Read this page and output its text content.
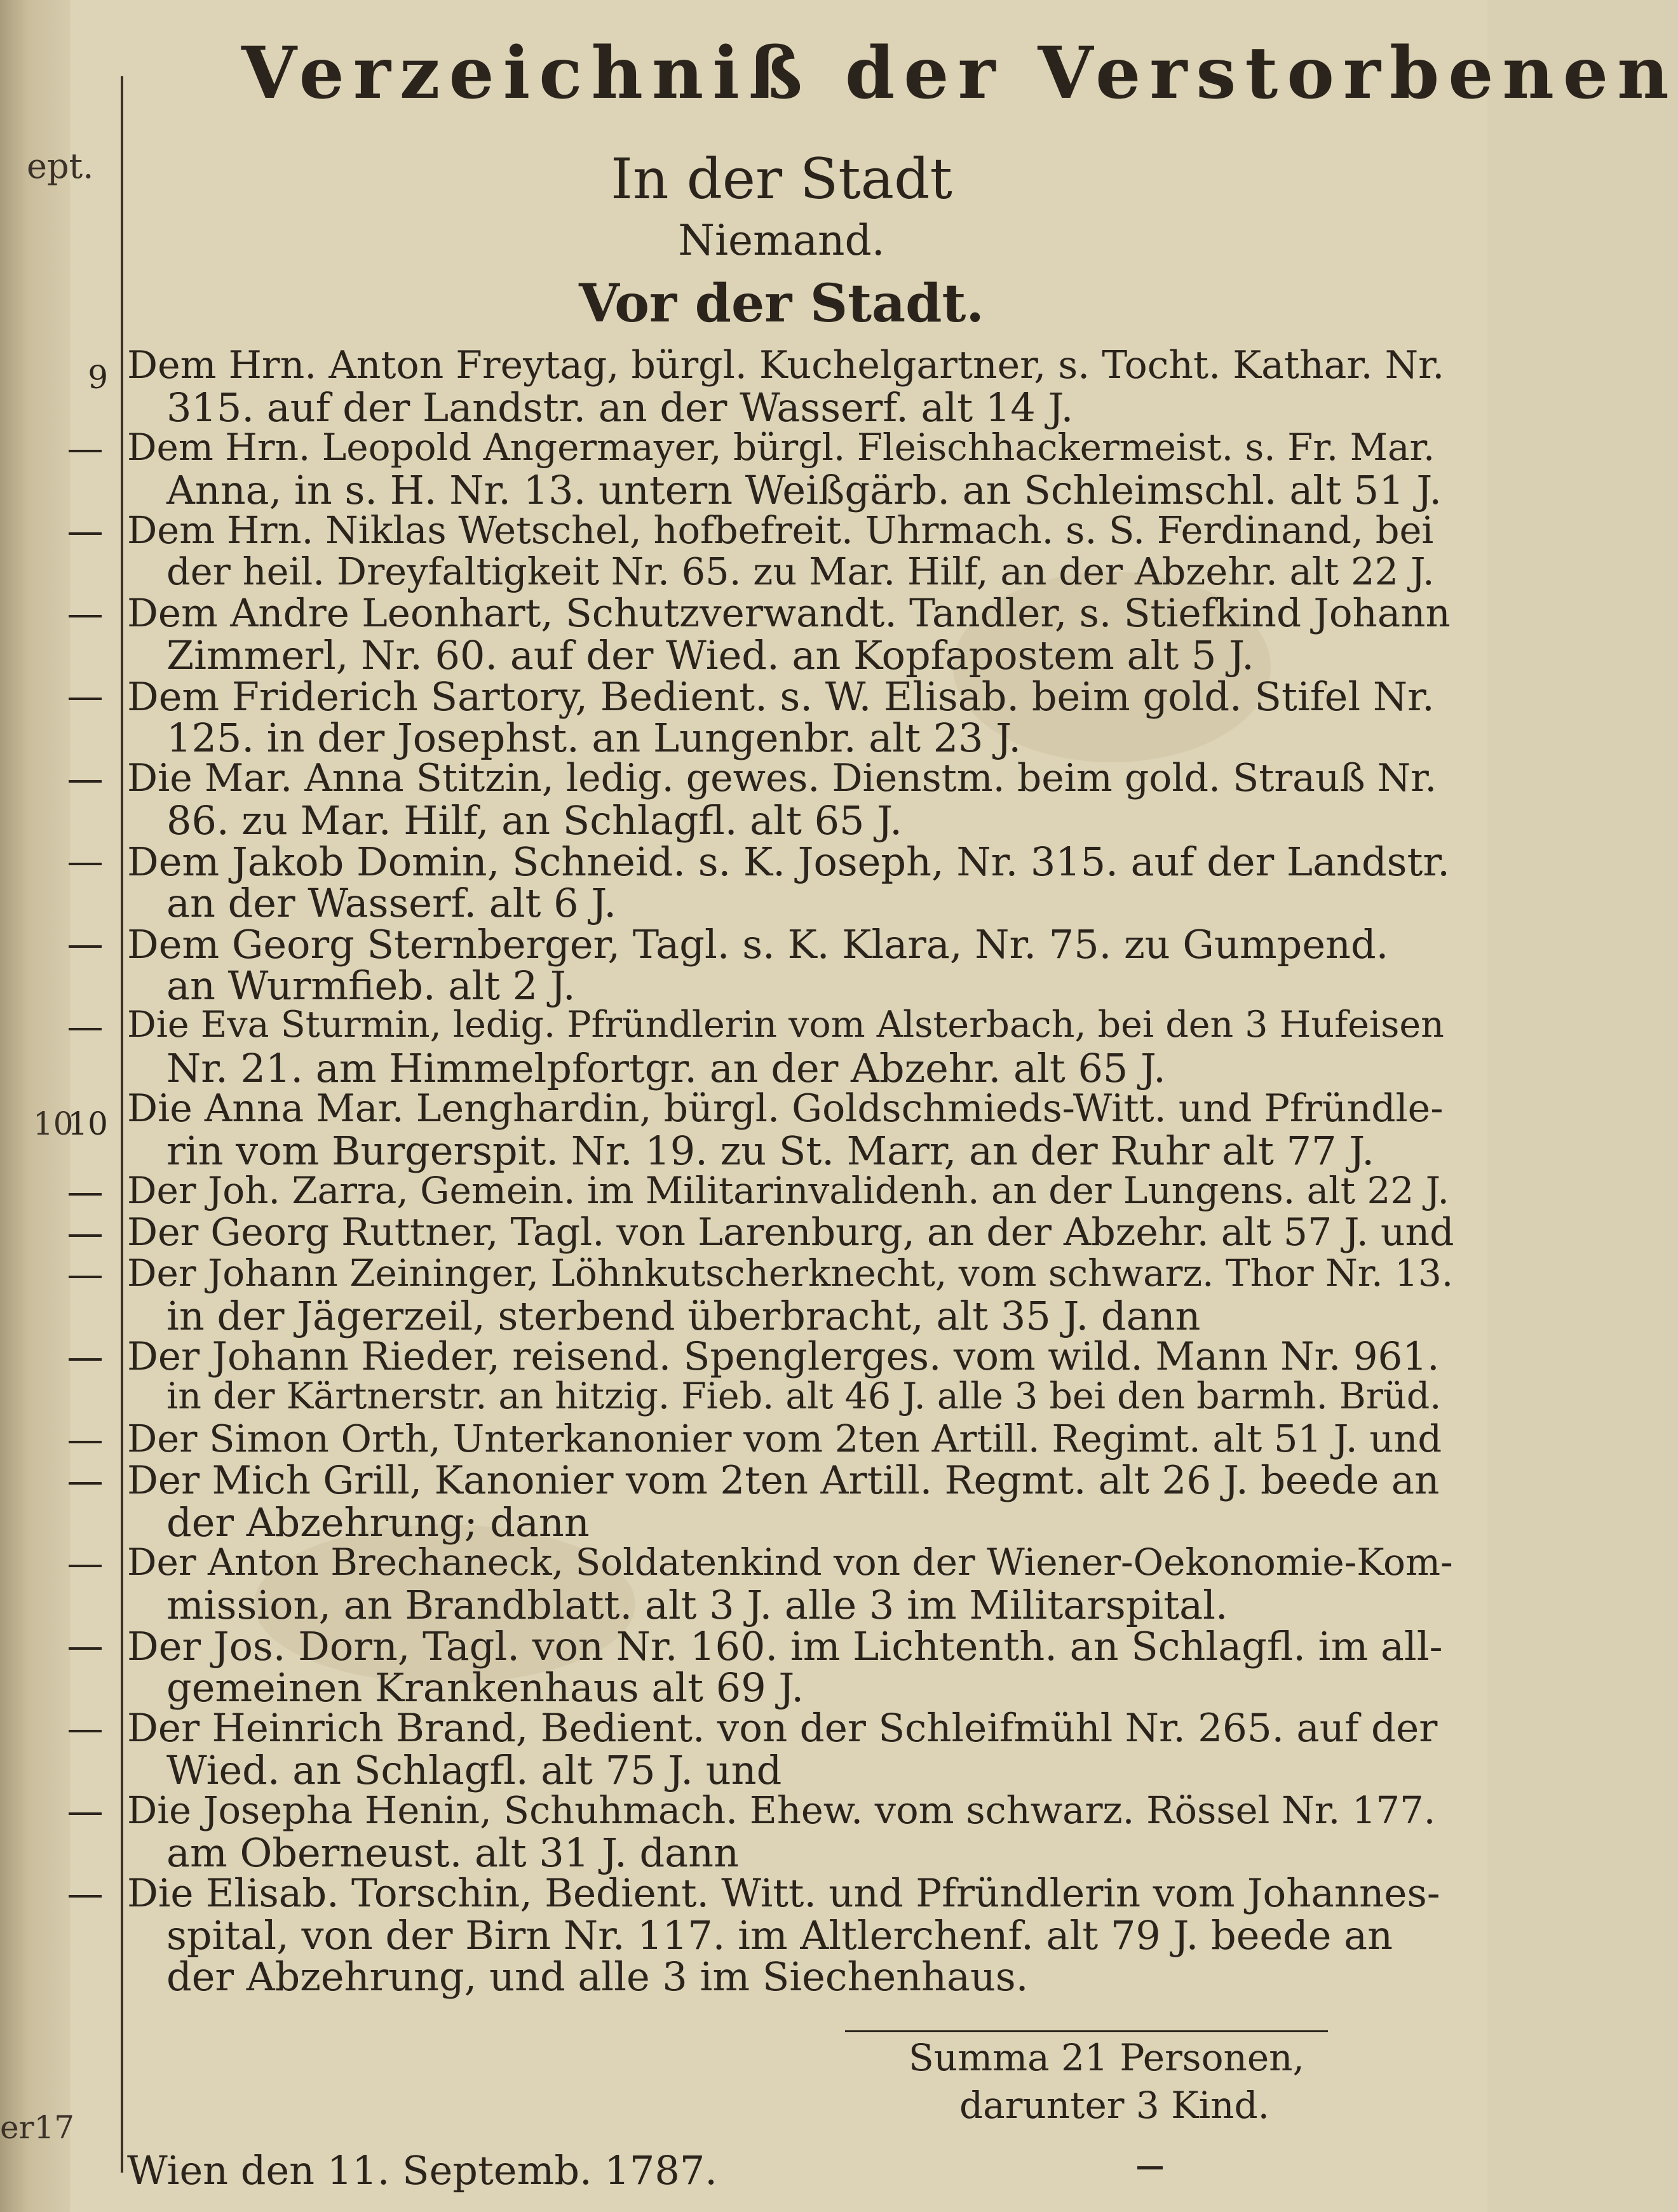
ept.
10
er17
Verzeichniß der Verstorbenen
In der Stadt
Niemand.
Vor der Stadt.
9
10
Dem Hrn. Anton Freytag, bürgl. Kuchelgartner, s. Tocht. Kathar. Nr.
315. auf der Landstr. an der Wasserf. alt 14 J.
Dem Hrn. Leopold Angermayer, bürgl. Fleischhackermeist. s. Fr. Mar.
Anna, in s. H. Nr. 13. untern Weißgärb. an Schleimschl. alt 51 J.
Dem Hrn. Niklas Wetschel, hofbefreit. Uhrmach. s. S. Ferdinand, bei
der heil. Dreyfaltigkeit Nr. 65. zu Mar. Hilf, an der Abzehr. alt 22 J.
Dem Andre Leonhart, Schutzverwandt. Tandler, s. Stiefkind Johann
Zimmerl, Nr. 60. auf der Wied. an Kopfapostem alt 5 J.
Dem Friderich Sartory, Bedient. s. W. Elisab. beim gold. Stifel Nr.
125. in der Josephst. an Lungenbr. alt 23 J.
Die Mar. Anna Stitzin, ledig. gewes. Dienstm. beim gold. Strauß Nr.
86. zu Mar. Hilf, an Schlagfl. alt 65 J.
Dem Jakob Domin, Schneid. s. K. Joseph, Nr. 315. auf der Landstr.
an der Wasserf. alt 6 J.
Dem Georg Sternberger, Tagl. s. K. Klara, Nr. 75. zu Gumpend.
an Wurmfieb. alt 2 J.
Die Eva Sturmin, ledig. Pfründlerin vom Alsterbach, bei den 3 Hufeisen
Nr. 21. am Himmelpfortgr. an der Abzehr. alt 65 J.
Die Anna Mar. Lenghardin, bürgl. Goldschmieds-Witt. und Pfründle-
rin vom Burgerspit. Nr. 19. zu St. Marr, an der Ruhr alt 77 J.
Der Joh. Zarra, Gemein. im Militarinvalidenh. an der Lungens. alt 22 J.
Der Georg Ruttner, Tagl. von Larenburg, an der Abzehr. alt 57 J. und
Der Johann Zeininger, Löhnkutscherknecht, vom schwarz. Thor Nr. 13.
in der Jägerzeil, sterbend überbracht, alt 35 J. dann
Der Johann Rieder, reisend. Spenglerges. vom wild. Mann Nr. 961.
in der Kärtnerstr. an hitzig. Fieb. alt 46 J. alle 3 bei den barmh. Brüd.
Der Simon Orth, Unterkanonier vom 2ten Artill. Regimt. alt 51 J. und
Der Mich Grill, Kanonier vom 2ten Artill. Regmt. alt 26 J. beede an
der Abzehrung; dann
Der Anton Brechaneck, Soldatenkind von der Wiener-Oekonomie-Kom-
mission, an Brandblatt. alt 3 J. alle 3 im Militarspital.
Der Jos. Dorn, Tagl. von Nr. 160. im Lichtenth. an Schlagfl. im all-
gemeinen Krankenhaus alt 69 J.
Der Heinrich Brand, Bedient. von der Schleifmühl Nr. 265. auf der
Wied. an Schlagfl. alt 75 J. und
Die Josepha Henin, Schuhmach. Ehew. vom schwarz. Rössel Nr. 177.
am Oberneust. alt 31 J. dann
Die Elisab. Torschin, Bedient. Witt. und Pfründlerin vom Johannes-
spital, von der Birn Nr. 117. im Altlerchenf. alt 79 J. beede an
der Abzehrung, und alle 3 im Siechenhaus.
Summa 21 Personen,
darunter 3 Kind.
Wien den 11. Septemb. 1787.
